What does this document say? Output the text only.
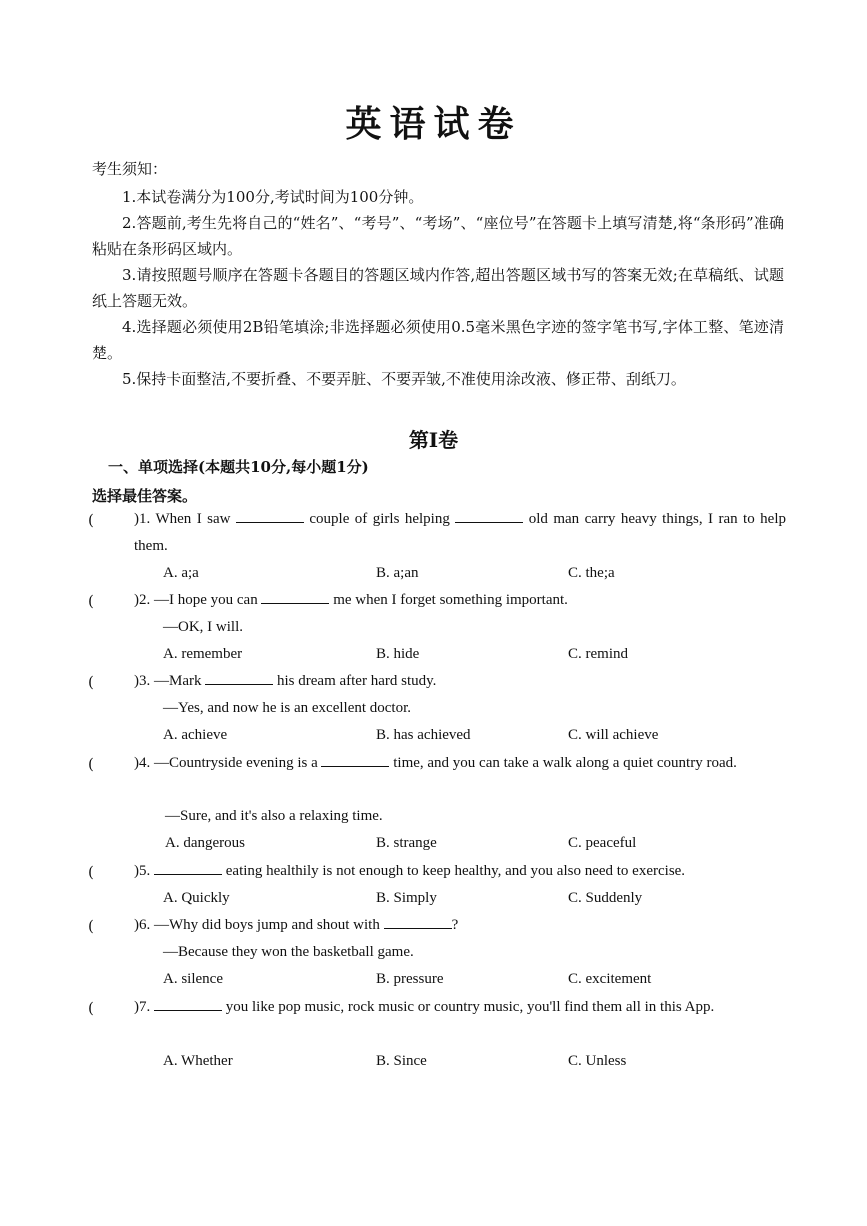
英语试卷
考生须知：
1.本试卷满分为100分,考试时间为100分钟。
2.答题前,考生先将自己的“姓名”、“考号”、“考场”、“座位号”在答题卡上填写清楚,将“条形码”准确粘贴在条形码区域内。
3.请按照题号顺序在答题卡各题目的答题区域内作答,超出答题区域书写的答案无效;在草稿纸、试题纸上答题无效。
4.选择题必须使用2B铅笔填涂;非选择题必须使用0.5毫米黑色字迹的签字笔书写,字体工整、笔迹清楚。
5.保持卡面整洁,不要折叠、不要弄脏、不要弄皱,不准使用涂改液、修正带、刮纸刀。
第Ⅰ卷
一、单项选择(本题共10分,每小题1分)
选择最佳答案。
(	)1. When I saw	couple of girls helping	old man carry heavy things, I ran to help them.
A. a;a	B. a;an	C. the;a
(	)2. —I hope you can	me when I forget something important.
—OK, I will.
A. remember	B. hide	C. remind
(	)3. —Mark	his dream after hard study.
—Yes, and now he is an excellent doctor.
A. achieve	B. has achieved	C. will achieve
(	)4. —Countryside evening is a	time, and you can take a walk along a quiet country road.
—Sure, and it's also a relaxing time.
A. dangerous	B. strange	C. peaceful
(	)5.	eating healthily is not enough to keep healthy, and you also need to exercise.
A. Quickly	B. Simply	C. Suddenly
(	)6. —Why did boys jump and shout with	?
—Because they won the basketball game.
A. silence	B. pressure	C. excitement
(	)7.	you like pop music, rock music or country music, you'll find them all in this App.
A. Whether	B. Since	C. Unless
